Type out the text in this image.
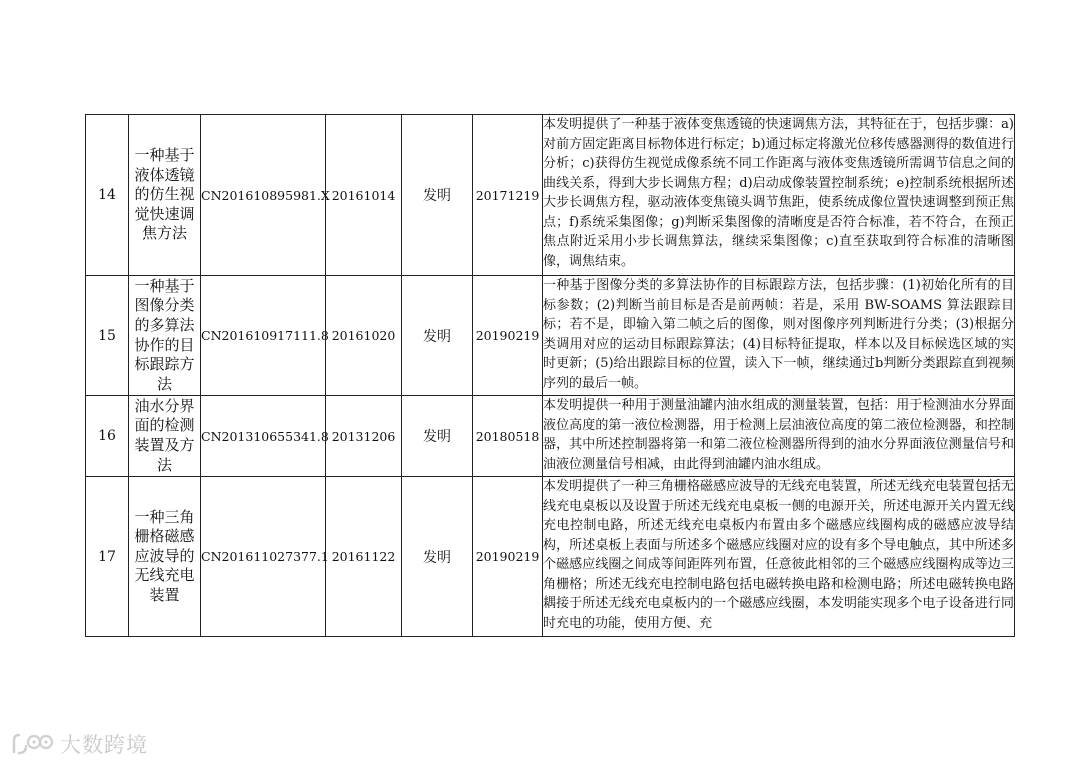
14	一种基于液体透镜的仿生视觉快速调焦方法	CN201610895981.X	20161014	发明	20171219	本发明提供了一种基于液体变焦透镜的快速调焦方法，其特征在于，包括步骤：a)对前方固定距离目标物体进行标定；b)通过标定将激光位移传感器测得的数值进行分析；c)获得仿生视觉成像系统不同工作距离与液体变焦透镜所需调节信息之间的曲线关系，得到大步长调焦方程；d)启动成像装置控制系统；e)控制系统根据所述大步长调焦方程，驱动液体变焦镜头调节焦距，使系统成像位置快速调整到预正焦点；f)系统采集图像；g)判断采集图像的清晰度是否符合标准，若不符合，在预正焦点附近采用小步长调焦算法，继续采集图像；c)直至获取到符合标准的清晰图像，调焦结束。

15	一种基于图像分类的多算法协作的目标跟踪方法	CN201610917111.8	20161020	发明	20190219	一种基于图像分类的多算法协作的目标跟踪方法，包括步骤：(1)初始化所有的目标参数；(2)判断当前目标是否是前两帧：若是，采用 BW-SOAMS 算法跟踪目标；若不是，即输入第二帧之后的图像，则对图像序列判断进行分类；(3)根据分类调用对应的运动目标跟踪算法；(4)目标特征提取，样本以及目标候选区域的实时更新；(5)给出跟踪目标的位置，读入下一帧，继续通过b判断分类跟踪直到视频序列的最后一帧。

16	油水分界面的检测装置及方法	CN201310655341.8	20131206	发明	20180518	本发明提供一种用于测量油罐内油水组成的测量装置，包括：用于检测油水分界面液位高度的第一液位检测器，用于检测上层油液位高度的第二液位检测器，和控制器，其中所述控制器将第一和第二液位检测器所得到的油水分界面液位测量信号和油液位测量信号相减，由此得到油罐内油水组成。

17	一种三角栅格磁感应波导的无线充电装置	CN201611027377.1	20161122	发明	20190219	本发明提供了一种三角栅格磁感应波导的无线充电装置，所述无线充电装置包括无线充电桌板以及设置于所述无线充电桌板一侧的电源开关，所述电源开关内置无线充电控制电路，所述无线充电桌板内布置由多个磁感应线圈构成的磁感应波导结构，所述桌板上表面与所述多个磁感应线圈对应的设有多个导电触点，其中所述多个磁感应线圈之间成等间距阵列布置，任意彼此相邻的三个磁感应线圈构成等边三角栅格；所述无线充电控制电路包括电磁转换电路和检测电路；所述电磁转换电路耦接于所述无线充电桌板内的一个磁感应线圈，本发明能实现多个电子设备进行同时充电的功能，使用方便、充
大数跨境
